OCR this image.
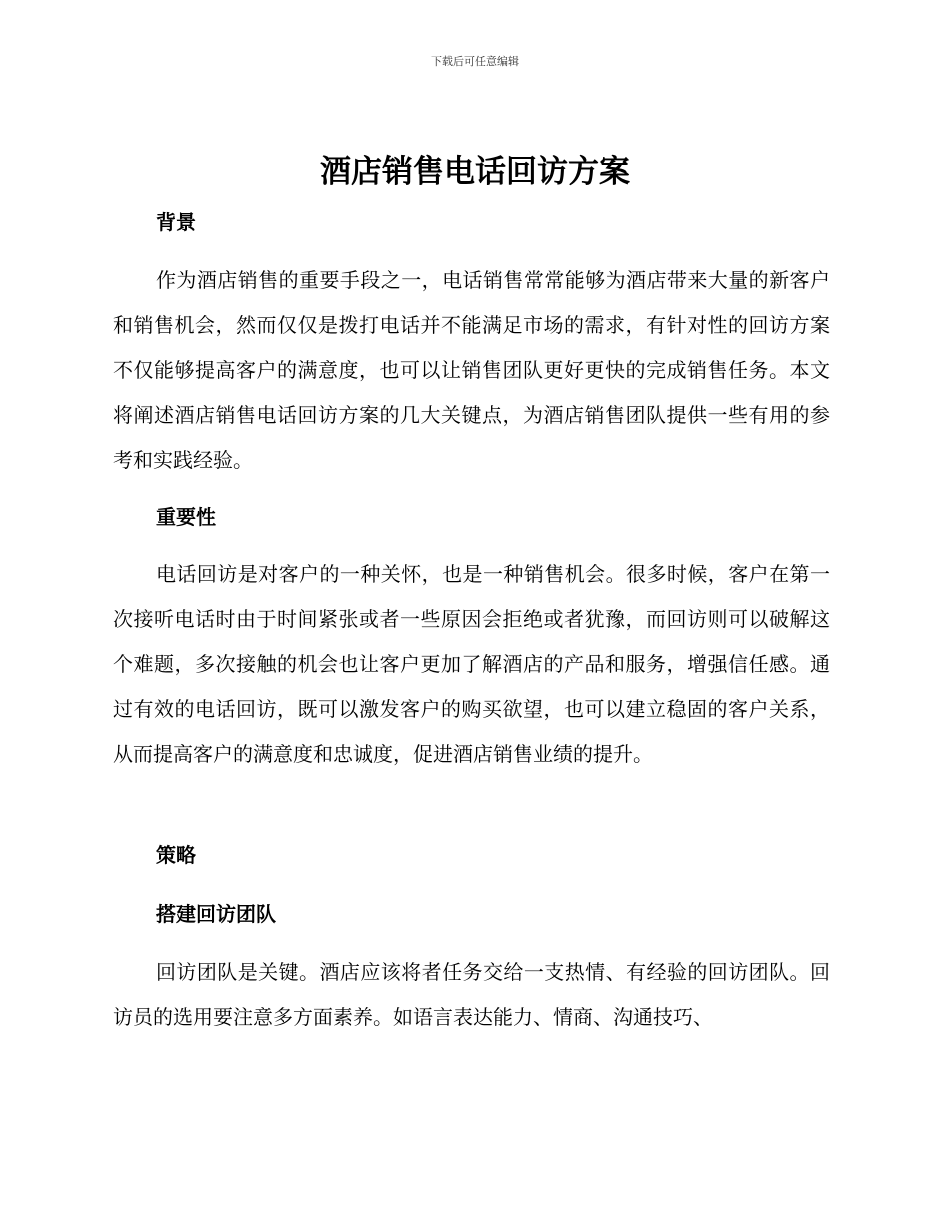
下载后可任意编辑
酒店销售电话回访方案
背景

作为酒店销售的重要手段之一，电话销售常常能够为酒店带来大量的新客户和销售机会，然而仅仅是拨打电话并不能满足市场的需求，有针对性的回访方案不仅能够提高客户的满意度，也可以让销售团队更好更快的完成销售任务。本文将阐述酒店销售电话回访方案的几大关键点，为酒店销售团队提供一些有用的参考和实践经验。

重要性

电话回访是对客户的一种关怀，也是一种销售机会。很多时候，客户在第一次接听电话时由于时间紧张或者一些原因会拒绝或者犹豫，而回访则可以破解这个难题，多次接触的机会也让客户更加了解酒店的产品和服务，增强信任感。通过有效的电话回访，既可以激发客户的购买欲望，也可以建立稳固的客户关系，从而提高客户的满意度和忠诚度，促进酒店销售业绩的提升。

策略
搭建回访团队

回访团队是关键。酒店应该将者任务交给一支热情、有经验的回访团队。回访员的选用要注意多方面素养。如语言表达能力、情商、沟通技巧、
